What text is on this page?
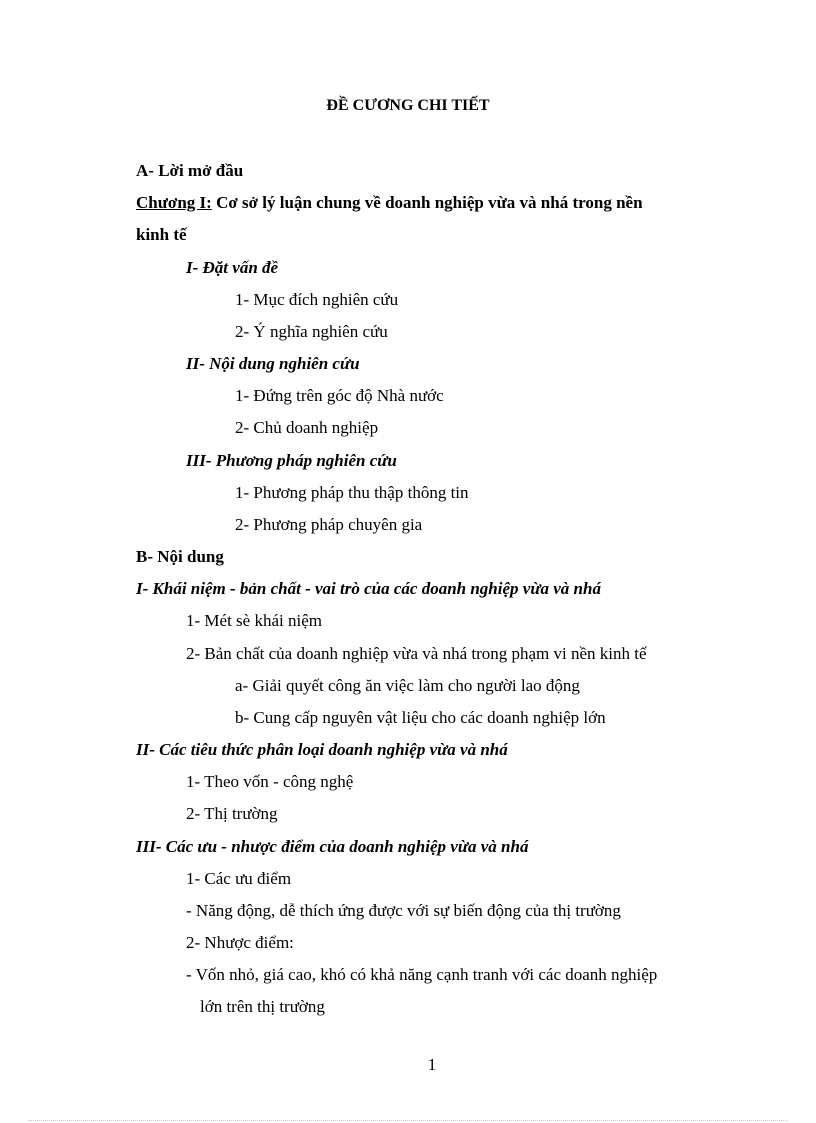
ĐỀ CƯƠNG CHI TIẾT
A- Lời mở đầu
Chương I: Cơ sở lý luận chung về doanh nghiệp vừa và nhá trong nền
kinh tế
I- Đặt vấn đề
1- Mục đích nghiên cứu
2- Ý nghĩa nghiên cứu
II- Nội dung nghiên cứu
1- Đứng trên góc độ Nhà nước
2- Chủ doanh nghiệp
III- Phương pháp nghiên cứu
1- Phương pháp thu thập thông tin
2- Phương pháp chuyên gia
B- Nội dung
I- Khái niệm - bản chất - vai trò của các doanh nghiệp vừa và nhá
1- Mét sè khái niệm
2- Bản chất của doanh nghiệp vừa và nhá trong phạm vi nền kinh tế
a- Giải quyết công ăn việc làm cho người lao động
b- Cung cấp nguyên vật liệu cho các doanh nghiệp lớn
II- Các tiêu thức phân loại doanh nghiệp vừa và nhá
1- Theo vốn - công nghệ
2- Thị trường
III- Các ưu - nhược điểm của doanh nghiệp vừa và nhá
1- Các ưu điểm
- Năng động, dễ thích ứng được với sự biến động của thị trường
2- Nhược điểm:
- Vốn nhỏ, giá cao, khó có khả năng cạnh tranh với các doanh nghiệp
lớn trên thị trường
1
